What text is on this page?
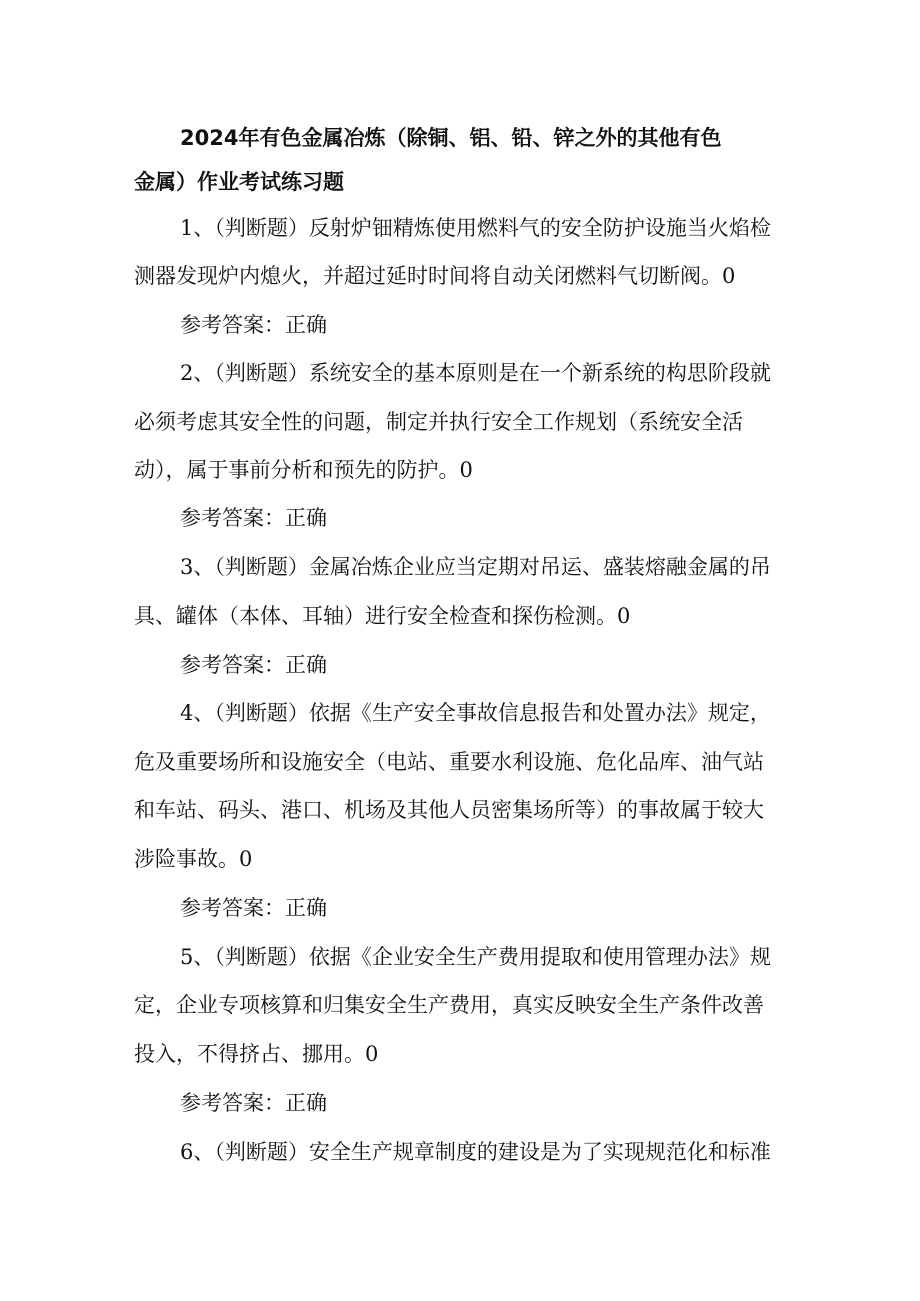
2024年有色金属冶炼（除铜、铝、铅、锌之外的其他有色
金属）作业考试练习题
1、（判断题）反射炉钿精炼使用燃料气的安全防护设施当火焰检
测器发现炉内熄火，并超过延时时间将自动关闭燃料气切断阀。0
参考答案：正确
2、（判断题）系统安全的基本原则是在一个新系统的构思阶段就
必须考虑其安全性的问题，制定并执行安全工作规划（系统安全活
动），属于事前分析和预先的防护。0
参考答案：正确
3、（判断题）金属冶炼企业应当定期对吊运、盛装熔融金属的吊
具、罐体（本体、耳轴）进行安全检查和探伤检测。0
参考答案：正确
4、（判断题）依据《生产安全事故信息报告和处置办法》规定，
危及重要场所和设施安全（电站、重要水利设施、危化品库、油气站
和车站、码头、港口、机场及其他人员密集场所等）的事故属于较大
涉险事故。0
参考答案：正确
5、（判断题）依据《企业安全生产费用提取和使用管理办法》规
定，企业专项核算和归集安全生产费用，真实反映安全生产条件改善
投入，不得挤占、挪用。0
参考答案：正确
6、（判断题）安全生产规章制度的建设是为了实现规范化和标准
